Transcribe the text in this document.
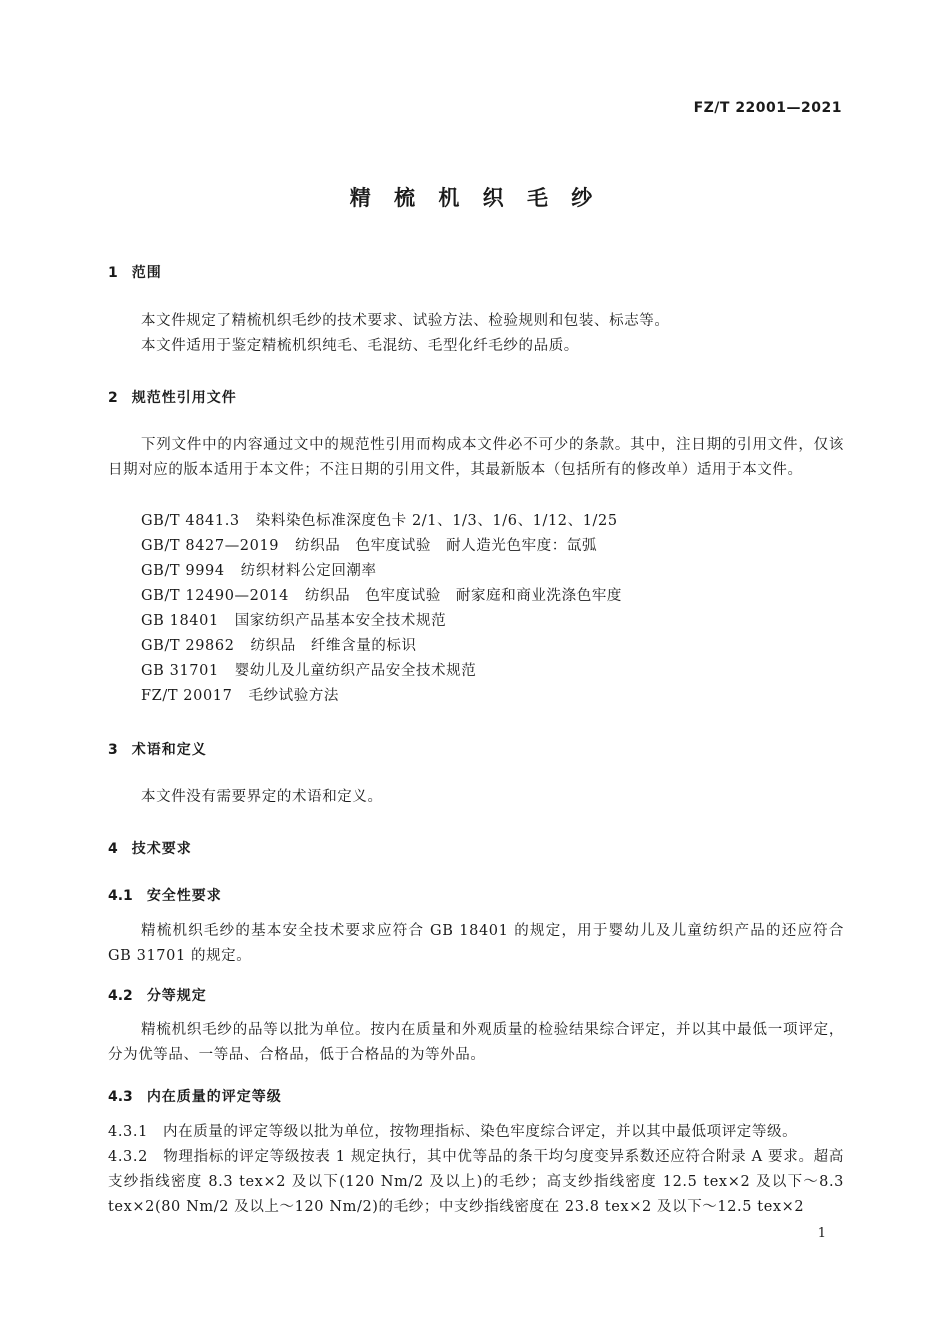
FZ/T 22001—2021
精 梳 机 织 毛 纱
1 范围
本文件规定了精梳机织毛纱的技术要求、试验方法、检验规则和包装、标志等。
本文件适用于鉴定精梳机织纯毛、毛混纺、毛型化纤毛纱的品质。
2 规范性引用文件
下列文件中的内容通过文中的规范性引用而构成本文件必不可少的条款。其中，注日期的引用文件，仅该日期对应的版本适用于本文件；不注日期的引用文件，其最新版本（包括所有的修改单）适用于本文件。
GB/T 4841.3 染料染色标准深度色卡 2/1、1/3、1/6、1/12、1/25
GB/T 8427—2019 纺织品　色牢度试验　耐人造光色牢度：氙弧
GB/T 9994 纺织材料公定回潮率
GB/T 12490—2014 纺织品　色牢度试验　耐家庭和商业洗涤色牢度
GB 18401 国家纺织产品基本安全技术规范
GB/T 29862 纺织品　纤维含量的标识
GB 31701 婴幼儿及儿童纺织产品安全技术规范
FZ/T 20017 毛纱试验方法
3 术语和定义
本文件没有需要界定的术语和定义。
4 技术要求
4.1 安全性要求
精梳机织毛纱的基本安全技术要求应符合 GB 18401 的规定，用于婴幼儿及儿童纺织产品的还应符合 GB 31701 的规定。
4.2 分等规定
精梳机织毛纱的品等以批为单位。按内在质量和外观质量的检验结果综合评定，并以其中最低一项评定，分为优等品、一等品、合格品，低于合格品的为等外品。
4.3 内在质量的评定等级
4.3.1　内在质量的评定等级以批为单位，按物理指标、染色牢度综合评定，并以其中最低项评定等级。
4.3.2　物理指标的评定等级按表 1 规定执行，其中优等品的条干均匀度变异系数还应符合附录 A 要求。超高支纱指线密度 8.3 tex×2 及以下(120 Nm/2 及以上)的毛纱；高支纱指线密度 12.5 tex×2 及以下～8.3 tex×2(80 Nm/2 及以上～120 Nm/2)的毛纱；中支纱指线密度在 23.8 tex×2 及以下～12.5 tex×2
1
